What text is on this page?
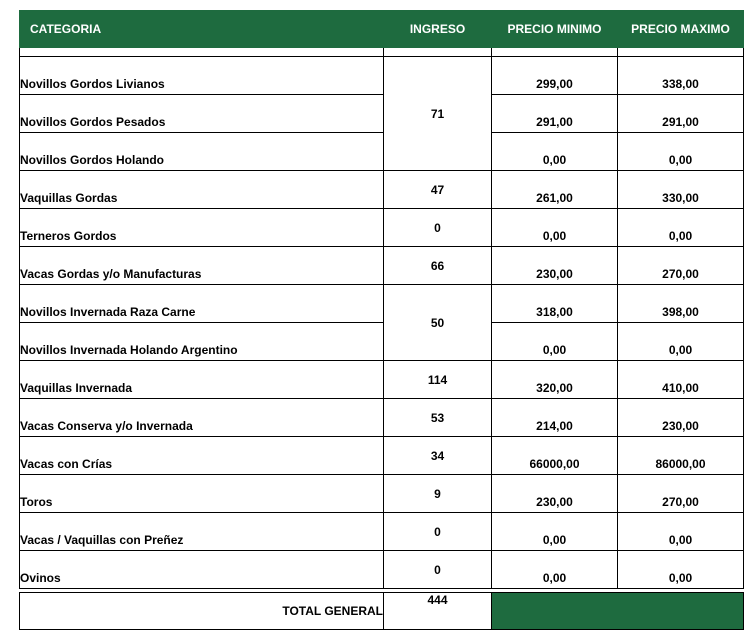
CATEGORIA	INGRESO	PRECIO MINIMO	PRECIO MAXIMO

Novillos Gordos Livianos	71	299,00	338,00
Novillos Gordos Pesados		291,00	291,00
Novillos Gordos Holando		0,00	0,00
Vaquillas Gordas	47	261,00	330,00
Terneros Gordos	0	0,00	0,00
Vacas Gordas y/o Manufacturas	66	230,00	270,00
Novillos Invernada Raza Carne	50	318,00	398,00
Novillos Invernada Holando Argentino		0,00	0,00
Vaquillas Invernada	114	320,00	410,00
Vacas Conserva y/o Invernada	53	214,00	230,00
Vacas con Crías	34	66000,00	86000,00
Toros	9	230,00	270,00
Vacas / Vaquillas con Preñez	0	0,00	0,00
Ovinos	0	0,00	0,00

TOTAL GENERAL	444		
